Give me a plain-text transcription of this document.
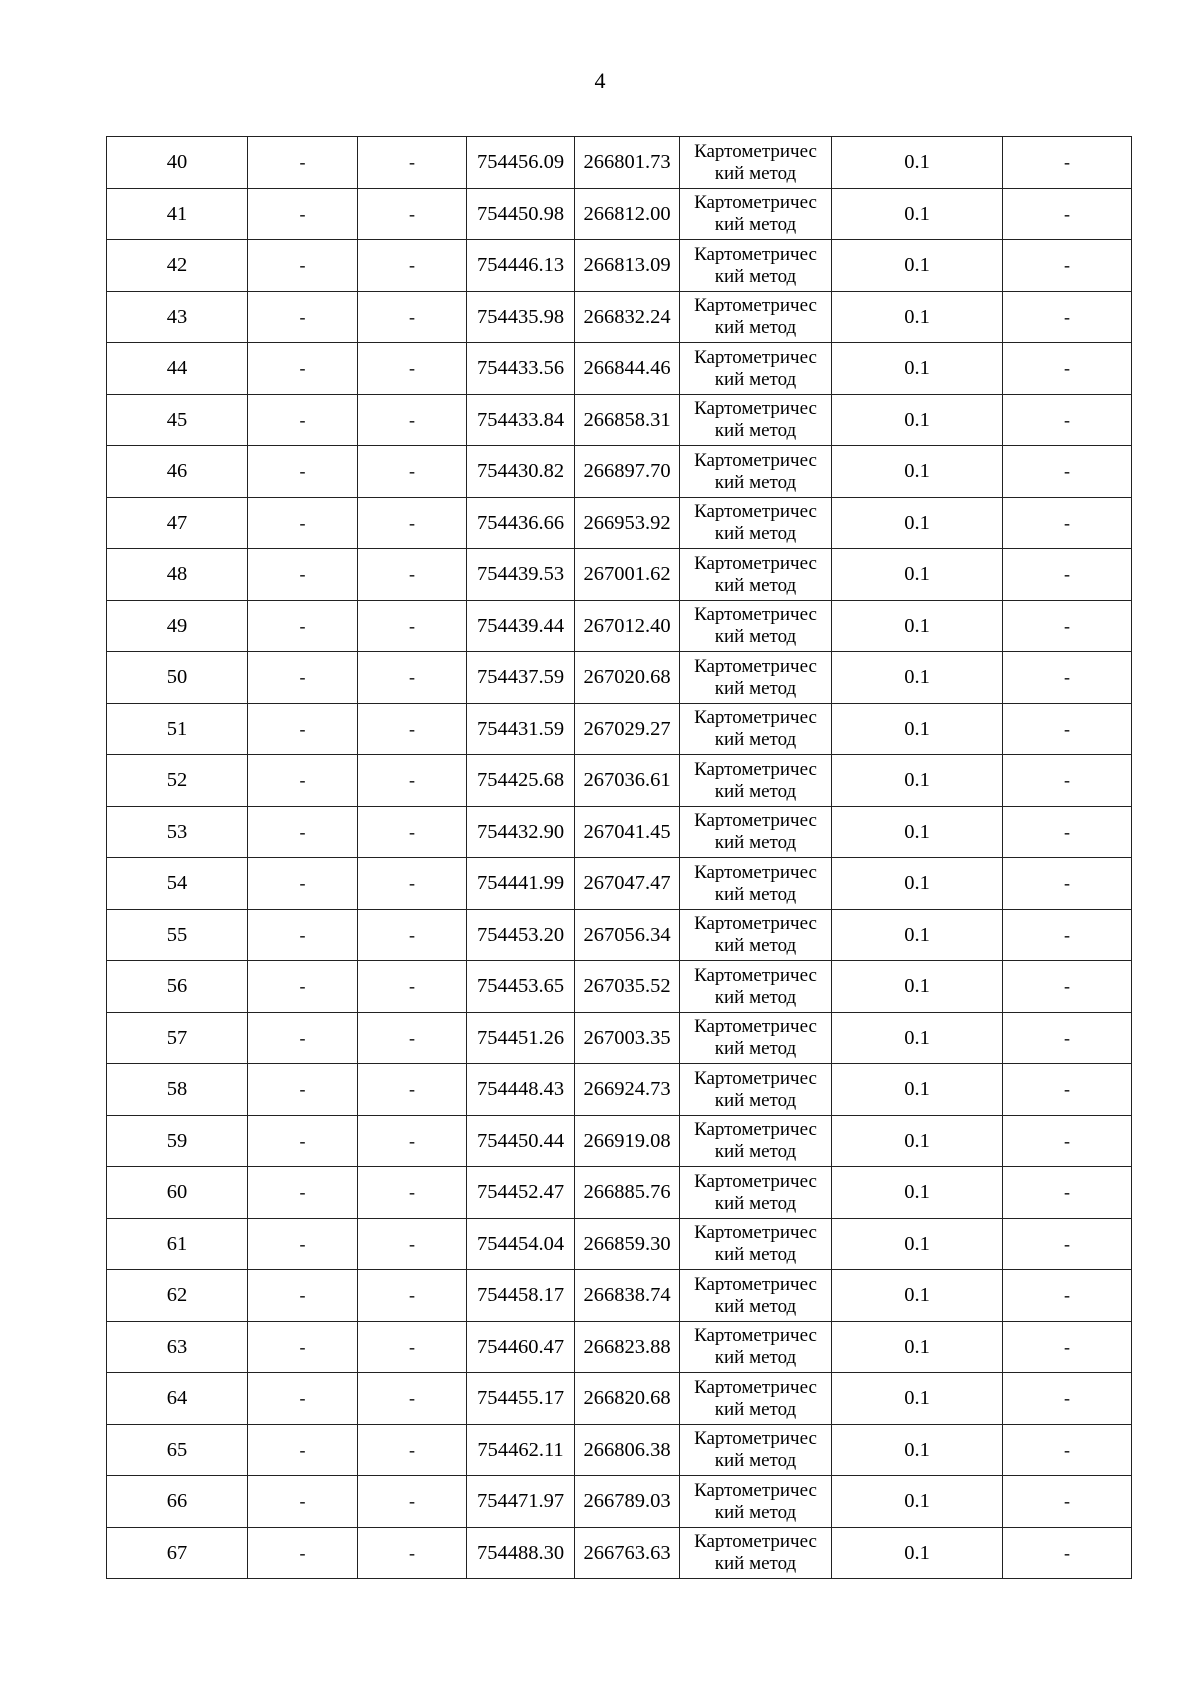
4
40	-	-	754456.09	266801.73	Картометричес
кий метод	0.1	-
41	-	-	754450.98	266812.00	Картометричес
кий метод	0.1	-
42	-	-	754446.13	266813.09	Картометричес
кий метод	0.1	-
43	-	-	754435.98	266832.24	Картометричес
кий метод	0.1	-
44	-	-	754433.56	266844.46	Картометричес
кий метод	0.1	-
45	-	-	754433.84	266858.31	Картометричес
кий метод	0.1	-
46	-	-	754430.82	266897.70	Картометричес
кий метод	0.1	-
47	-	-	754436.66	266953.92	Картометричес
кий метод	0.1	-
48	-	-	754439.53	267001.62	Картометричес
кий метод	0.1	-
49	-	-	754439.44	267012.40	Картометричес
кий метод	0.1	-
50	-	-	754437.59	267020.68	Картометричес
кий метод	0.1	-
51	-	-	754431.59	267029.27	Картометричес
кий метод	0.1	-
52	-	-	754425.68	267036.61	Картометричес
кий метод	0.1	-
53	-	-	754432.90	267041.45	Картометричес
кий метод	0.1	-
54	-	-	754441.99	267047.47	Картометричес
кий метод	0.1	-
55	-	-	754453.20	267056.34	Картометричес
кий метод	0.1	-
56	-	-	754453.65	267035.52	Картометричес
кий метод	0.1	-
57	-	-	754451.26	267003.35	Картометричес
кий метод	0.1	-
58	-	-	754448.43	266924.73	Картометричес
кий метод	0.1	-
59	-	-	754450.44	266919.08	Картометричес
кий метод	0.1	-
60	-	-	754452.47	266885.76	Картометричес
кий метод	0.1	-
61	-	-	754454.04	266859.30	Картометричес
кий метод	0.1	-
62	-	-	754458.17	266838.74	Картометричес
кий метод	0.1	-
63	-	-	754460.47	266823.88	Картометричес
кий метод	0.1	-
64	-	-	754455.17	266820.68	Картометричес
кий метод	0.1	-
65	-	-	754462.11	266806.38	Картометричес
кий метод	0.1	-
66	-	-	754471.97	266789.03	Картометричес
кий метод	0.1	-
67	-	-	754488.30	266763.63	Картометричес
кий метод	0.1	-
